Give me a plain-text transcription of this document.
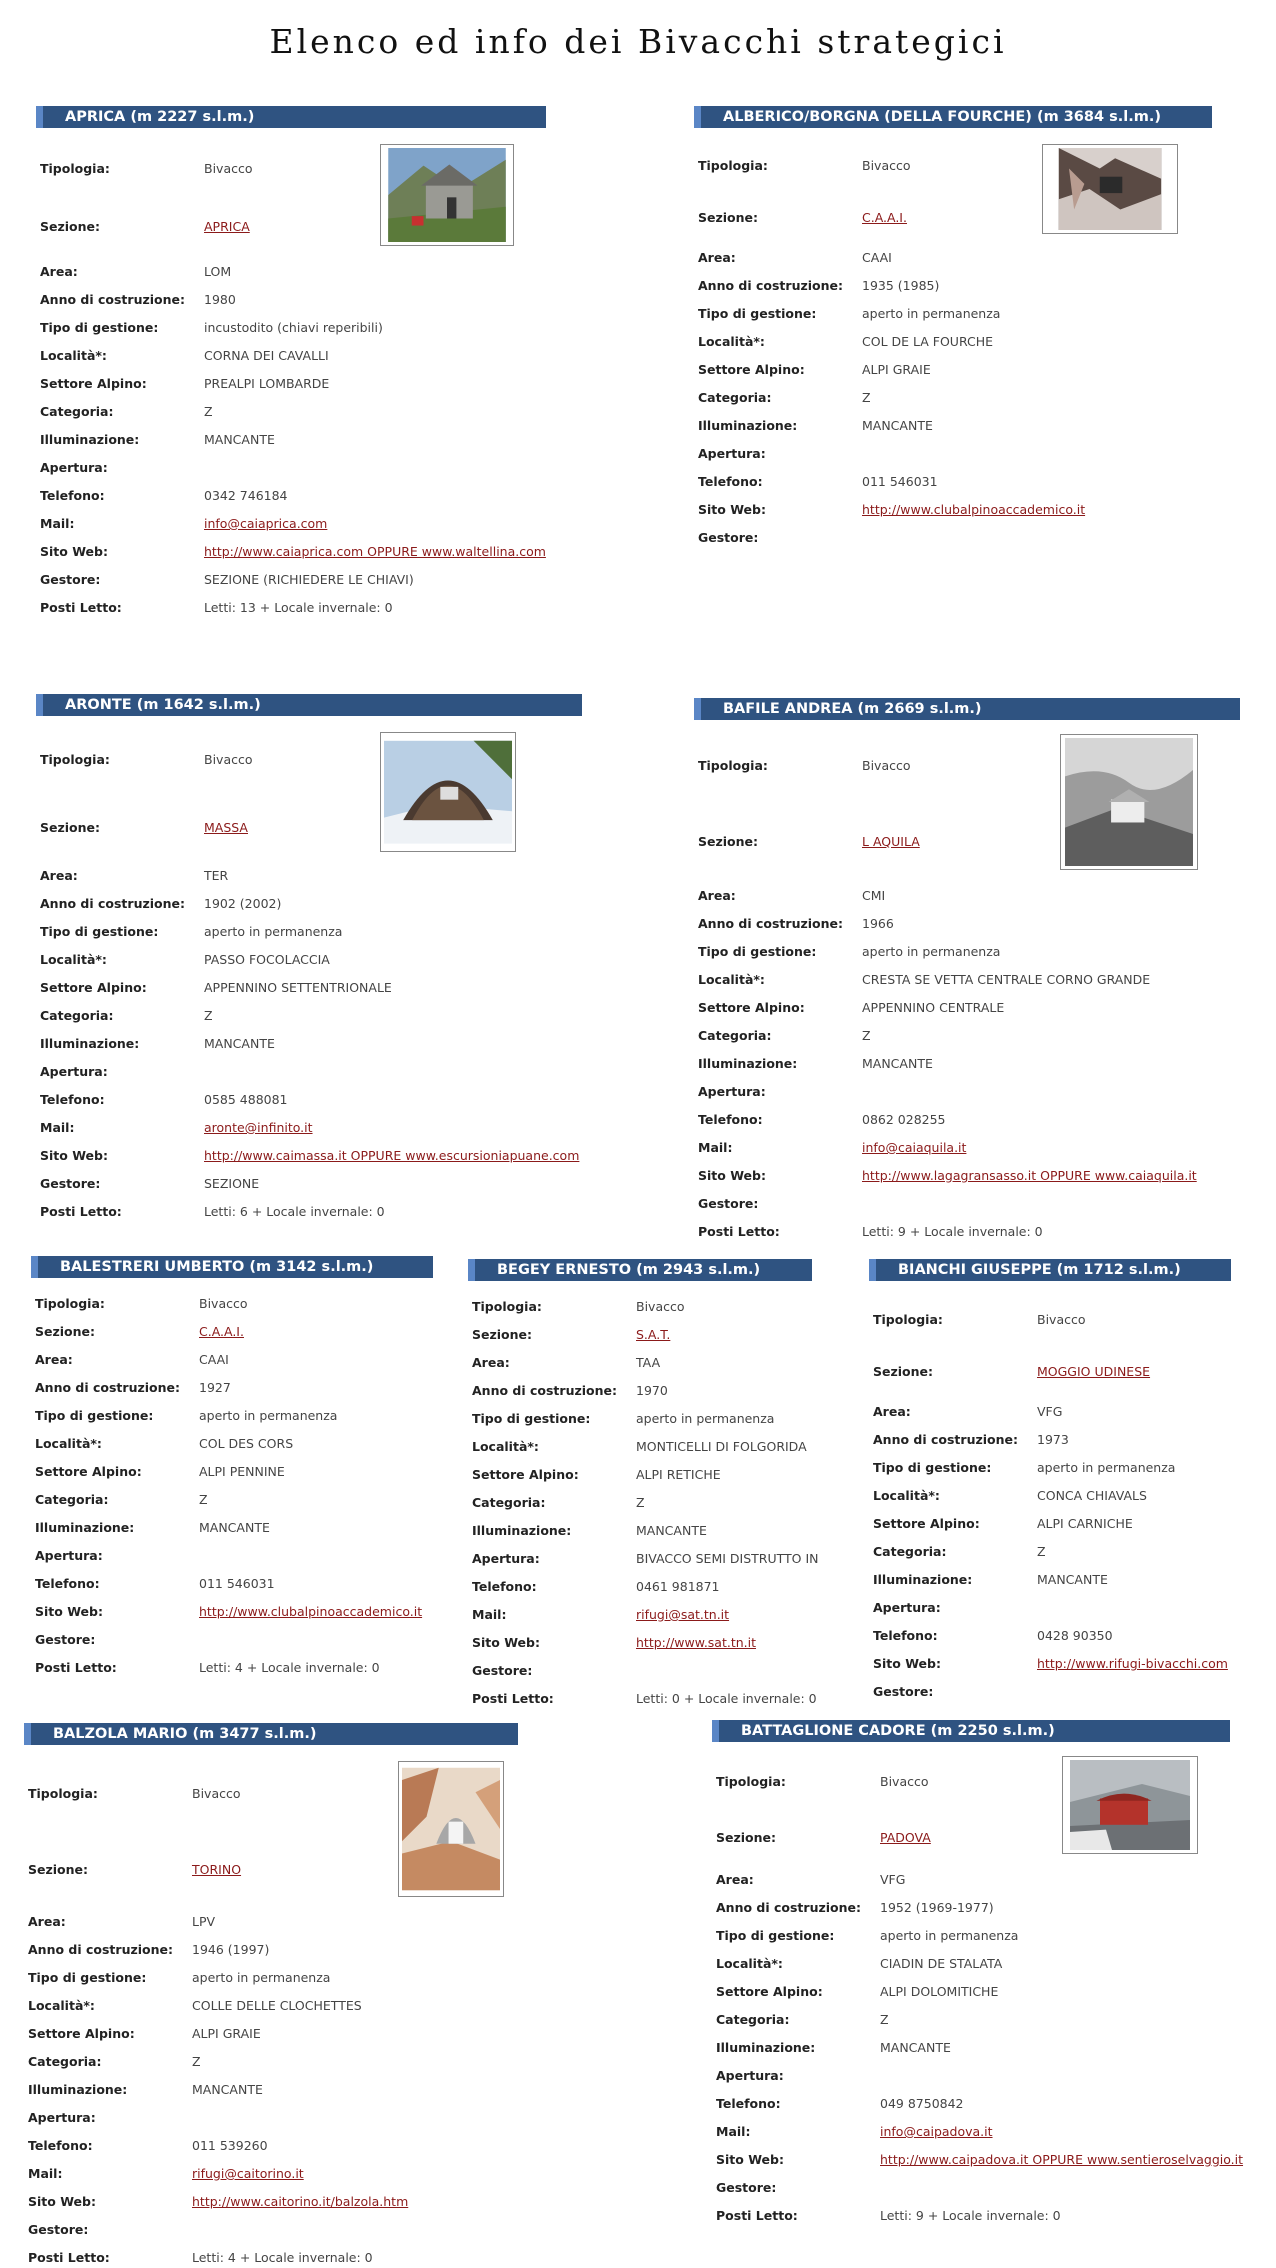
Elenco ed info dei Bivacchi strategici
APRICA (m 2227 s.l.m.)
Tipologia:	Bivacco
Sezione:	APRICA
Area:	LOM
Anno di costruzione: 1980
Tipo di gestione:	incustodito (chiavi reperibili)
Località*:	CORNA DEI CAVALLI
Settore Alpino:	PREALPI LOMBARDE
Categoria:	Z
Illuminazione:	MANCANTE
Apertura:
Telefono:	0342 746184
Mail:	info@caiaprica.com
Sito Web:	http://www.caiaprica.com OPPURE www.waltellina.com
Gestore:	SEZIONE (RICHIEDERE LE CHIAVI)
Posti Letto:	Letti: 13 + Locale invernale: 0
ALBERICO/BORGNA (DELLA FOURCHE) (m 3684 s.l.m.)
Tipologia:	Bivacco
Sezione:	C.A.A.I.
Area:	CAAI
Anno di costruzione: 1935 (1985)
Tipo di gestione:	aperto in permanenza
Località*:	COL DE LA FOURCHE
Settore Alpino:	ALPI GRAIE
Categoria:	Z
Illuminazione:	MANCANTE
Apertura:
Telefono:	011 546031
Sito Web:	http://www.clubalpinoaccademico.it
Gestore:
ARONTE (m 1642 s.l.m.)
Tipologia:	Bivacco
Sezione:	MASSA
Area:	TER
Anno di costruzione: 1902 (2002)
Tipo di gestione:	aperto in permanenza
Località*:	PASSO FOCOLACCIA
Settore Alpino:	APPENNINO SETTENTRIONALE
Categoria:	Z
Illuminazione:	MANCANTE
Apertura:
Telefono:	0585 488081
Mail:	aronte@infinito.it
Sito Web:	http://www.caimassa.it OPPURE www.escursioniapuane.com
Gestore:	SEZIONE
Posti Letto:	Letti: 6 + Locale invernale: 0
BAFILE ANDREA (m 2669 s.l.m.)
Tipologia:	Bivacco
Sezione:	L AQUILA
Area:	CMI
Anno di costruzione: 1966
Tipo di gestione:	aperto in permanenza
Località*:	CRESTA SE VETTA CENTRALE CORNO GRANDE
Settore Alpino:	APPENNINO CENTRALE
Categoria:	Z
Illuminazione:	MANCANTE
Apertura:
Telefono:	0862 028255
Mail:	info@caiaquila.it
Sito Web:	http://www.lagagransasso.it OPPURE www.caiaquila.it
Gestore:
Posti Letto:	Letti: 9 + Locale invernale: 0
BALESTRERI UMBERTO (m 3142 s.l.m.)
Tipologia:	Bivacco
Sezione:	C.A.A.I.
Area:	CAAI
Anno di costruzione: 1927
Tipo di gestione:	aperto in permanenza
Località*:	COL DES CORS
Settore Alpino:	ALPI PENNINE
Categoria:	Z
Illuminazione:	MANCANTE
Apertura:
Telefono:	011 546031
Sito Web:	http://www.clubalpinoaccademico.it
Gestore:
Posti Letto:	Letti: 4 + Locale invernale: 0
BEGEY ERNESTO (m 2943 s.l.m.)
Tipologia:	Bivacco
Sezione:	S.A.T.
Area:	TAA
Anno di costruzione: 1970
Tipo di gestione:	aperto in permanenza
Località*:	MONTICELLI DI FOLGORIDA
Settore Alpino:	ALPI RETICHE
Categoria:	Z
Illuminazione:	MANCANTE
Apertura:	BIVACCO SEMI DISTRUTTO IN
Telefono:	0461 981871
Mail:	rifugi@sat.tn.it
Sito Web:	http://www.sat.tn.it
Gestore:
Posti Letto:	Letti: 0 + Locale invernale: 0
BIANCHI GIUSEPPE (m 1712 s.l.m.)
Tipologia:	Bivacco
Sezione:	MOGGIO UDINESE
Area:	VFG
Anno di costruzione: 1973
Tipo di gestione:	aperto in permanenza
Località*:	CONCA CHIAVALS
Settore Alpino:	ALPI CARNICHE
Categoria:	Z
Illuminazione:	MANCANTE
Apertura:
Telefono:	0428 90350
Sito Web:	http://www.rifugi-bivacchi.com
Gestore:
BALZOLA MARIO (m 3477 s.l.m.)
Tipologia:	Bivacco
Sezione:	TORINO
Area:	LPV
Anno di costruzione: 1946 (1997)
Tipo di gestione:	aperto in permanenza
Località*:	COLLE DELLE CLOCHETTES
Settore Alpino:	ALPI GRAIE
Categoria:	Z
Illuminazione:	MANCANTE
Apertura:
Telefono:	011 539260
Mail:	rifugi@caitorino.it
Sito Web:	http://www.caitorino.it/balzola.htm
Gestore:
Posti Letto:	Letti: 4 + Locale invernale: 0
BATTAGLIONE CADORE (m 2250 s.l.m.)
Tipologia:	Bivacco
Sezione:	PADOVA
Area:	VFG
Anno di costruzione: 1952 (1969-1977)
Tipo di gestione:	aperto in permanenza
Località*:	CIADIN DE STALATA
Settore Alpino:	ALPI DOLOMITICHE
Categoria:	Z
Illuminazione:	MANCANTE
Apertura:
Telefono:	049 8750842
Mail:	info@caipadova.it
Sito Web:	http://www.caipadova.it OPPURE www.sentieroselvaggio.it
Gestore:
Posti Letto:	Letti: 9 + Locale invernale: 0
